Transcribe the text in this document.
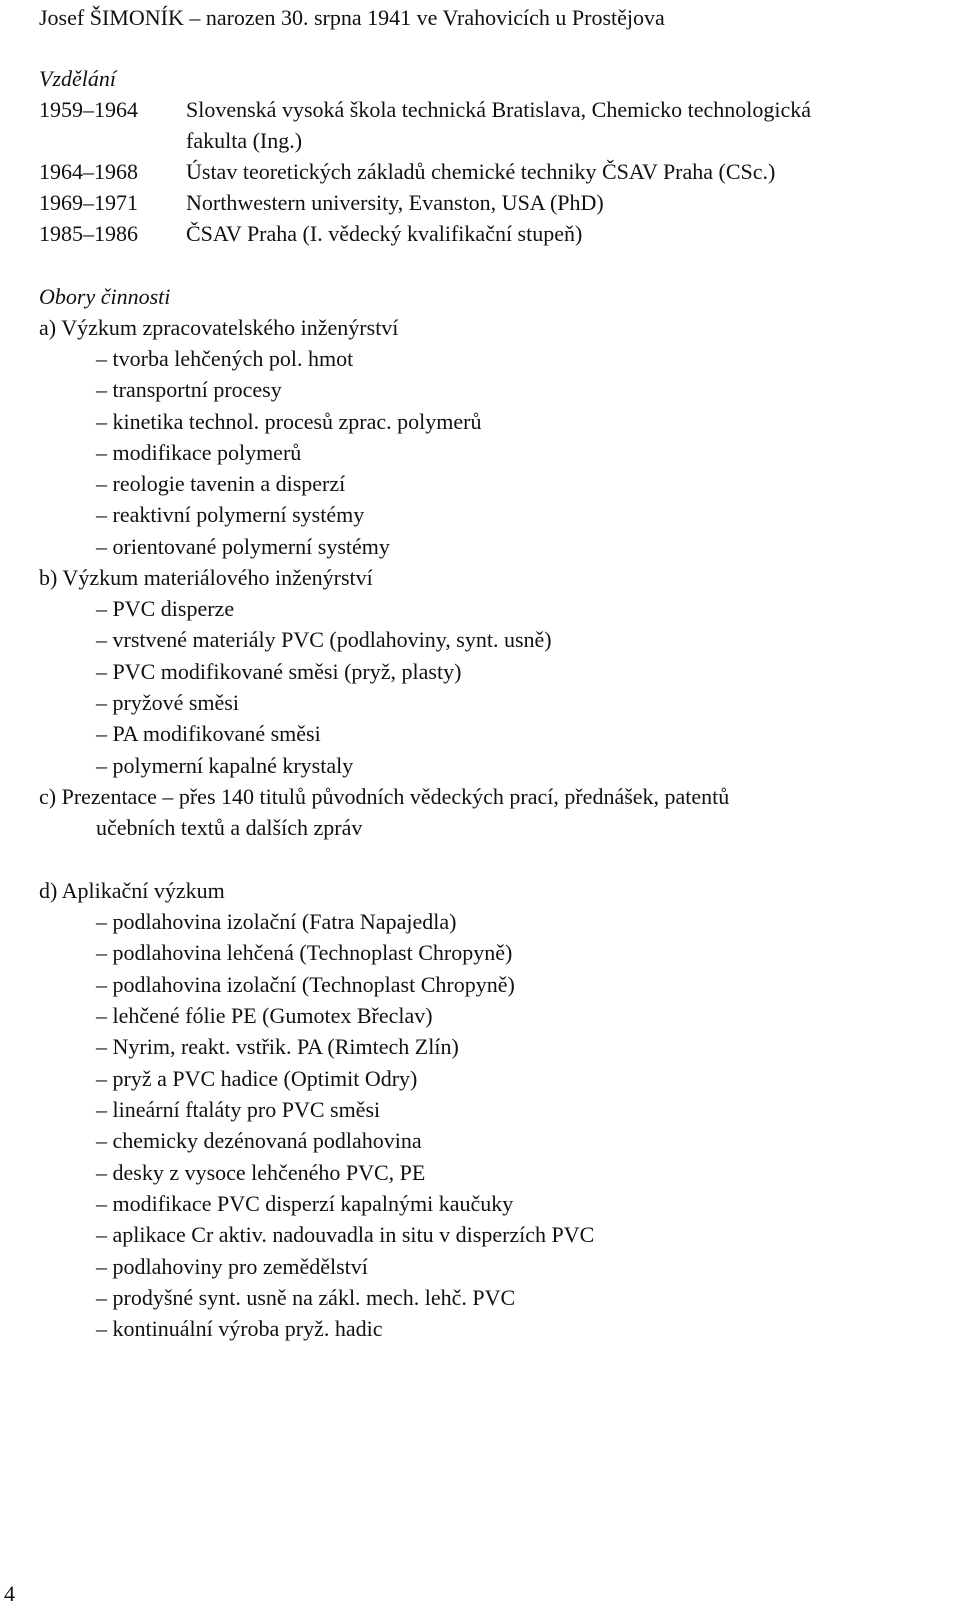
Josef ŠIMONÍK – narozen 30. srpna 1941 ve Vrahovicích u Prostějova
Vzdělání
1959–1964 Slovenská vysoká škola technická Bratislava, Chemicko technologická
fakulta (Ing.)
1964–1968 Ústav teoretických základů chemické techniky ČSAV Praha (CSc.)
1969–1971 Northwestern university, Evanston, USA (PhD)
1985–1986 ČSAV Praha (I. vědecký kvalifikační stupeň)
Obory činnosti
a) Výzkum zpracovatelského inženýrství
– tvorba lehčených pol. hmot
– transportní procesy
– kinetika technol. procesů zprac. polymerů
– modifikace polymerů
– reologie tavenin a disperzí
– reaktivní polymerní systémy
– orientované polymerní systémy
b) Výzkum materiálového inženýrství
– PVC disperze
– vrstvené materiály PVC (podlahoviny, synt. usně)
– PVC modifikované směsi (pryž, plasty)
– pryžové směsi
– PA modifikované směsi
– polymerní kapalné krystaly
c) Prezentace – přes 140 titulů původních vědeckých prací, přednášek, patentů
učebních textů a dalších zpráv
d) Aplikační výzkum
– podlahovina izolační (Fatra Napajedla)
– podlahovina lehčená (Technoplast Chropyně)
– podlahovina izolační (Technoplast Chropyně)
– lehčené fólie PE (Gumotex Břeclav)
– Nyrim, reakt. vstřik. PA (Rimtech Zlín)
– pryž a PVC hadice (Optimit Odry)
– lineární ftaláty pro PVC směsi
– chemicky dezénovaná podlahovina
– desky z vysoce lehčeného PVC, PE
– modifikace PVC disperzí kapalnými kaučuky
– aplikace Cr aktiv. nadouvadla in situ v disperzích PVC
– podlahoviny pro zemědělství
– prodyšné synt. usně na zákl. mech. lehč. PVC
– kontinuální výroba pryž. hadic
4
